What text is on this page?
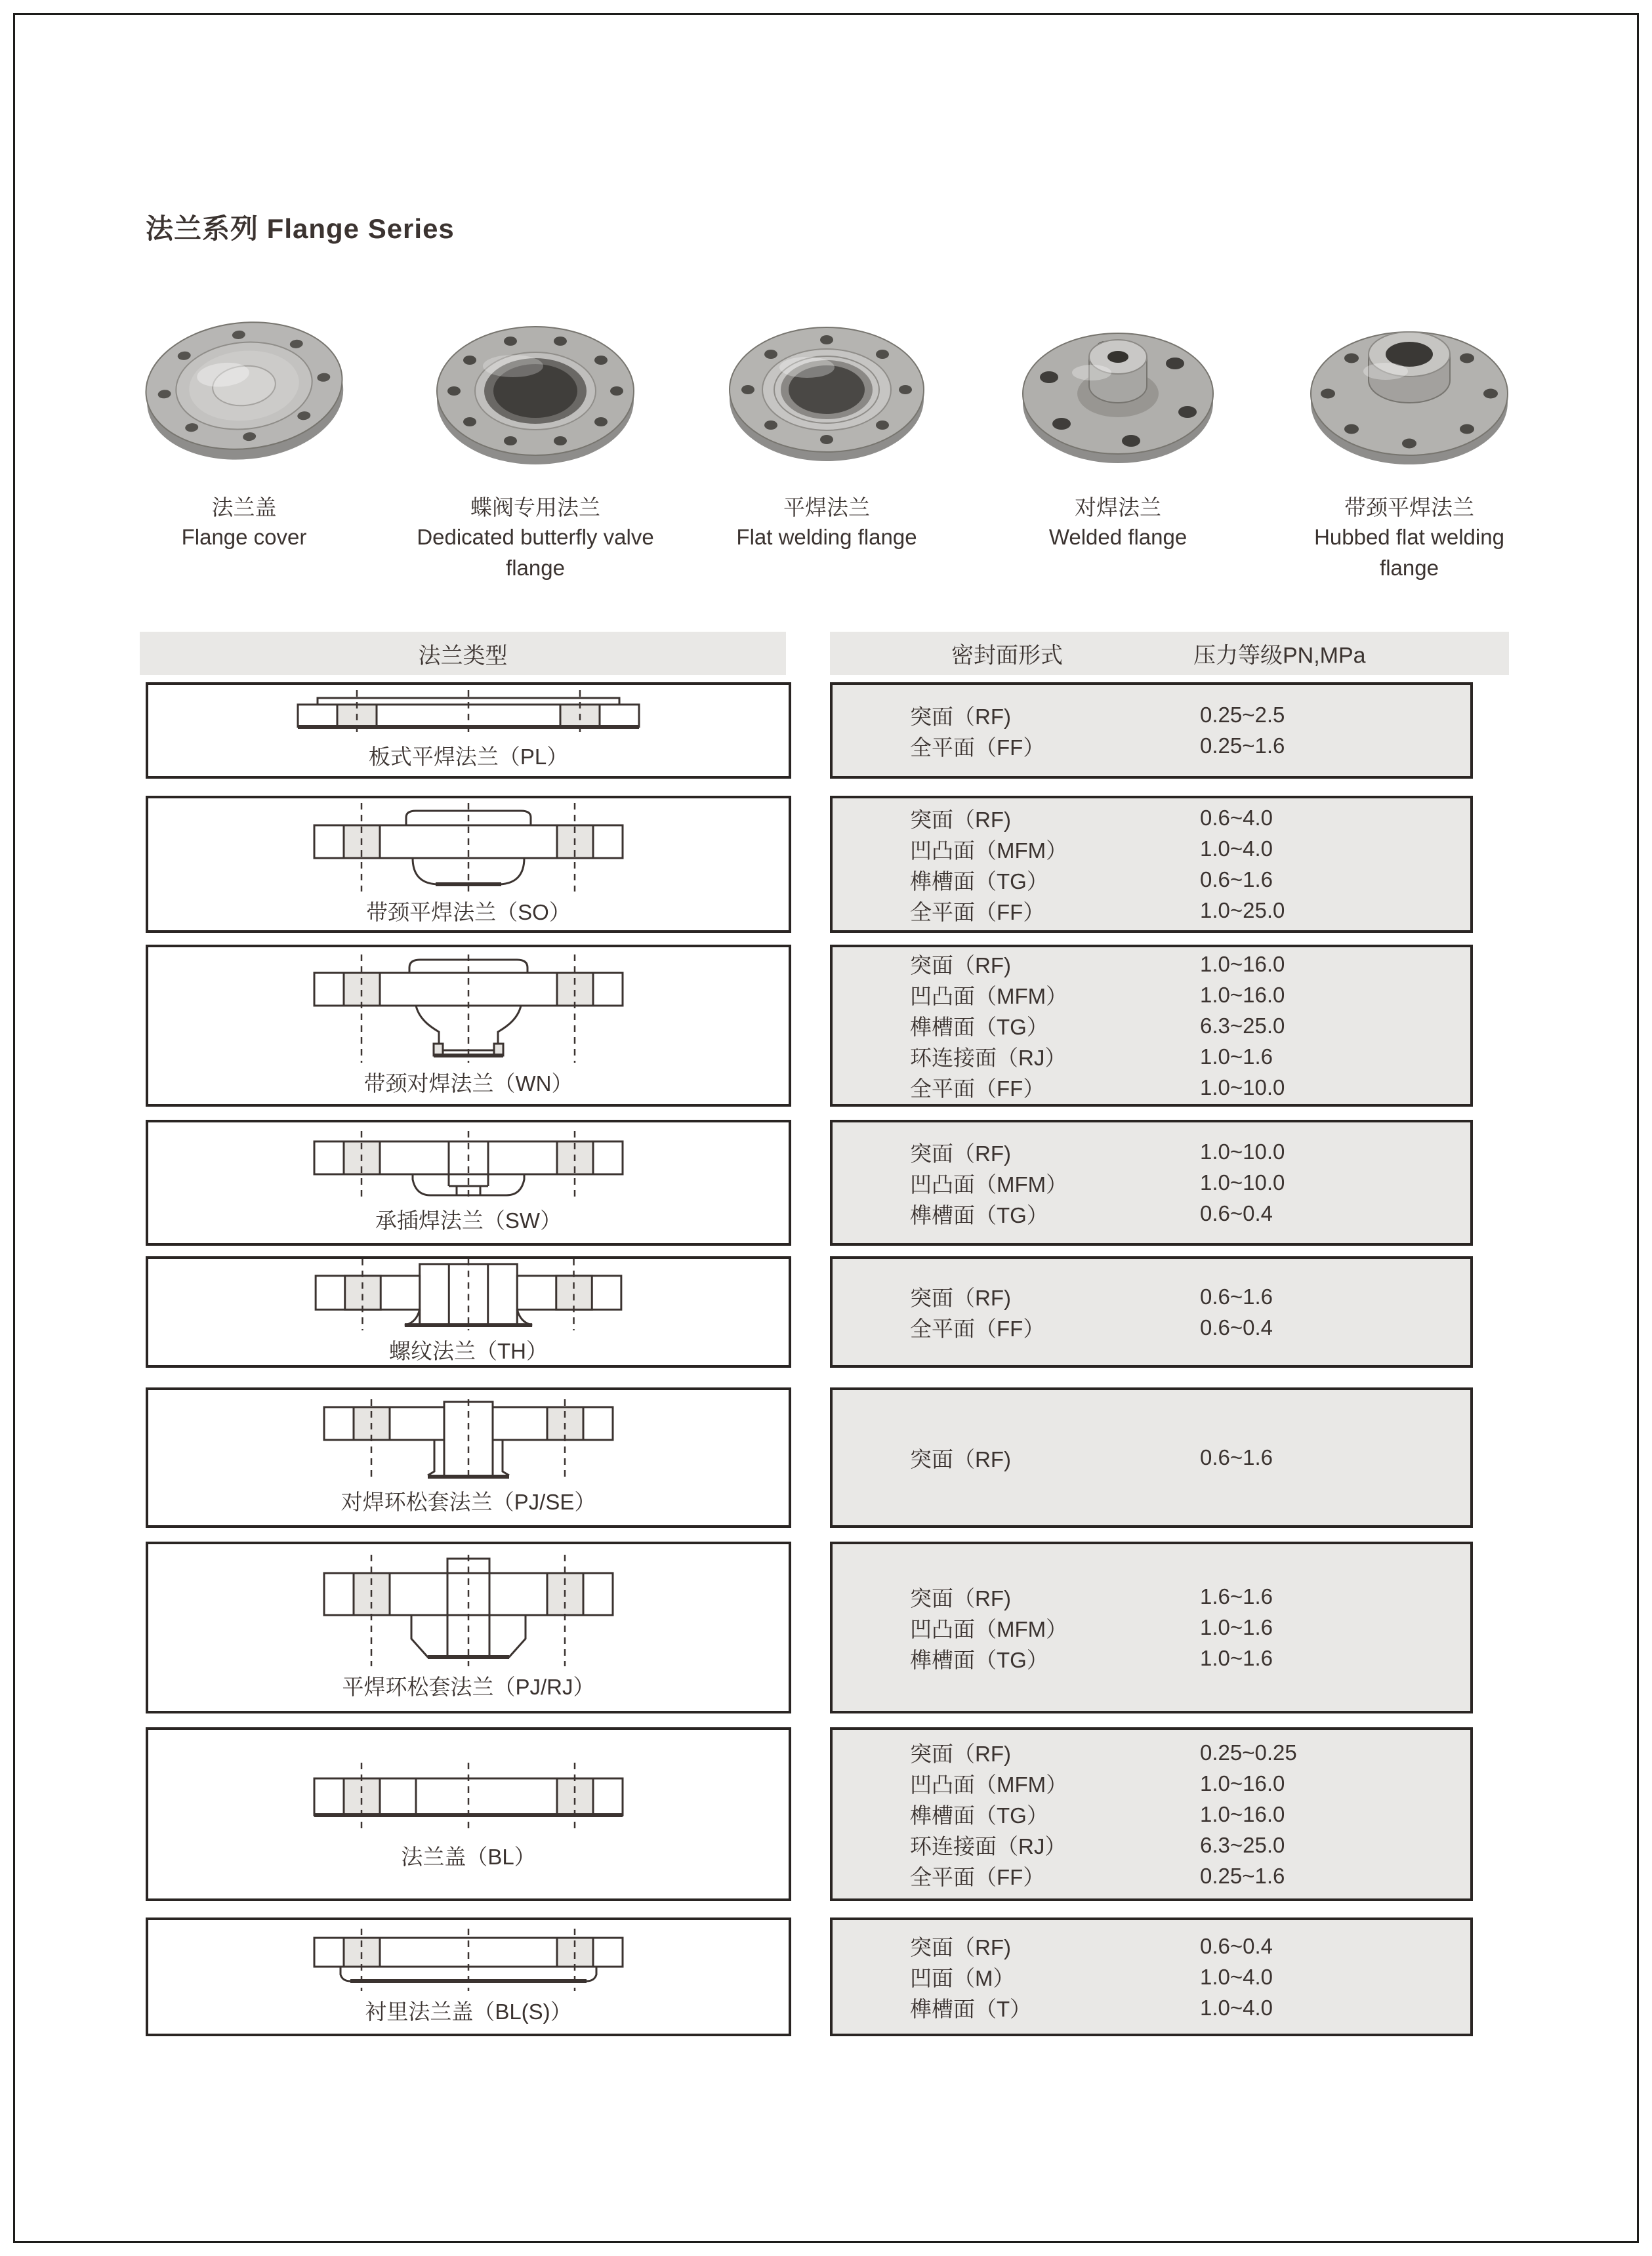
法兰系列 Flange Series
法兰盖
Flange cover
蝶阀专用法兰
Dedicated butterfly valve flange
平焊法兰
Flat welding flange
对焊法兰
Welded flange
带颈平焊法兰
Hubbed flat welding flange
法兰类型	密封面形式	压力等级PN,MPa
板式平焊法兰（PL）
突面（RF)	0.25~2.5
全平面（FF）	0.25~1.6
带颈平焊法兰（SO）
突面（RF)	0.6~4.0
凹凸面（MFM）	1.0~4.0
榫槽面（TG）	0.6~1.6
全平面（FF）	1.0~25.0
带颈对焊法兰（WN）
突面（RF)	1.0~16.0
凹凸面（MFM）	1.0~16.0
榫槽面（TG）	6.3~25.0
环连接面（RJ）	1.0~1.6
全平面（FF）	1.0~10.0
承插焊法兰（SW）
突面（RF)	1.0~10.0
凹凸面（MFM）	1.0~10.0
榫槽面（TG）	0.6~0.4
螺纹法兰（TH）
突面（RF)	0.6~1.6
全平面（FF）	0.6~0.4
对焊环松套法兰（PJ/SE）
突面（RF)	0.6~1.6
平焊环松套法兰（PJ/RJ）
突面（RF)	1.6~1.6
凹凸面（MFM）	1.0~1.6
榫槽面（TG）	1.0~1.6
法兰盖（BL）
突面（RF)	0.25~0.25
凹凸面（MFM）	1.0~16.0
榫槽面（TG）	1.0~16.0
环连接面（RJ）	6.3~25.0
全平面（FF）	0.25~1.6
衬里法兰盖（BL(S)）
突面（RF)	0.6~0.4
凹面（M）	1.0~4.0
榫槽面（T）	1.0~4.0
